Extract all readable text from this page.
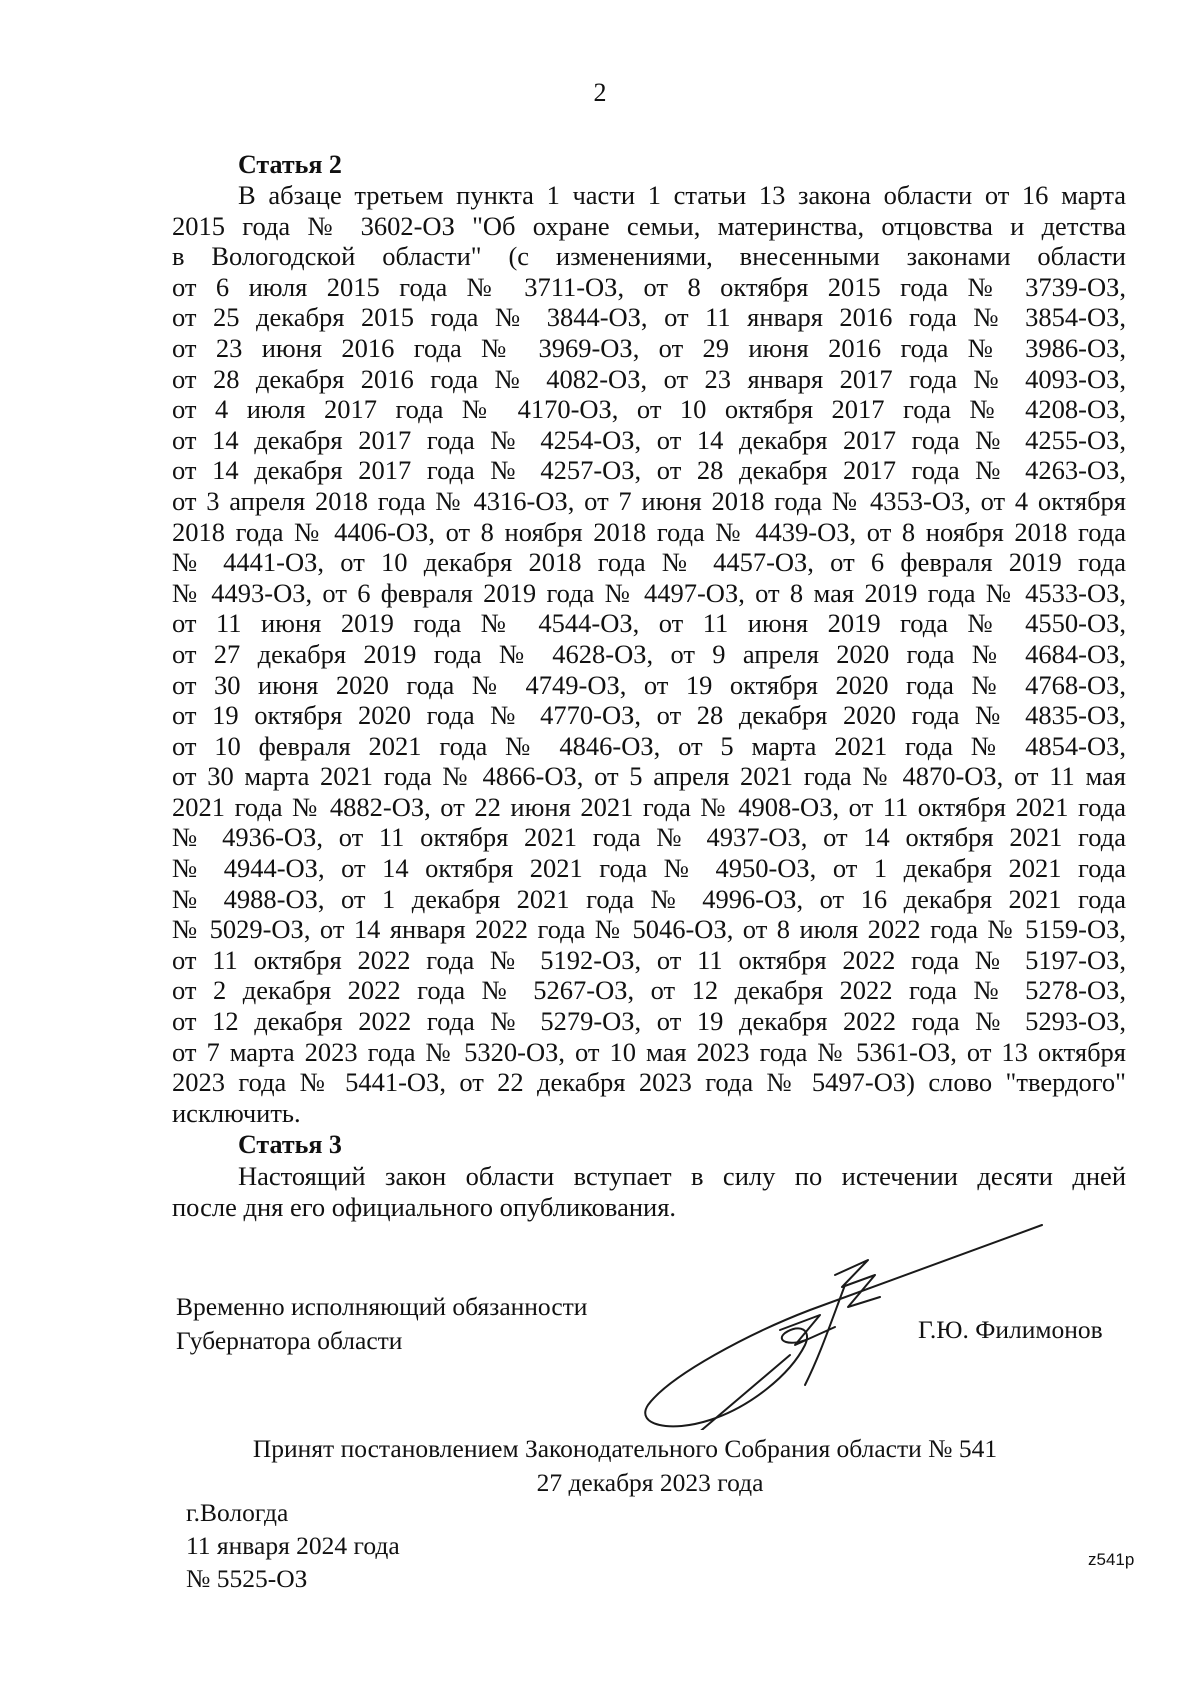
2
Статья 2
В абзаце третьем пункта 1 части 1 статьи 13 закона области от 16 марта
2015 года № 3602-ОЗ "Об охране семьи, материнства, отцовства и детства
в Вологодской области" (с изменениями, внесенными законами области
от 6 июля 2015 года № 3711-ОЗ, от 8 октября 2015 года № 3739-ОЗ,
от 25 декабря 2015 года № 3844-ОЗ, от 11 января 2016 года № 3854-ОЗ,
от 23 июня 2016 года № 3969-ОЗ, от 29 июня 2016 года № 3986-ОЗ,
от 28 декабря 2016 года № 4082-ОЗ, от 23 января 2017 года № 4093-ОЗ,
от 4 июля 2017 года № 4170-ОЗ, от 10 октября 2017 года № 4208-ОЗ,
от 14 декабря 2017 года № 4254-ОЗ, от 14 декабря 2017 года № 4255-ОЗ,
от 14 декабря 2017 года № 4257-ОЗ, от 28 декабря 2017 года № 4263-ОЗ,
от 3 апреля 2018 года № 4316-ОЗ, от 7 июня 2018 года № 4353-ОЗ, от 4 октября
2018 года № 4406-ОЗ, от 8 ноября 2018 года № 4439-ОЗ, от 8 ноября 2018 года
№ 4441-ОЗ, от 10 декабря 2018 года № 4457-ОЗ, от 6 февраля 2019 года
№ 4493-ОЗ, от 6 февраля 2019 года № 4497-ОЗ, от 8 мая 2019 года № 4533-ОЗ,
от 11 июня 2019 года № 4544-ОЗ, от 11 июня 2019 года № 4550-ОЗ,
от 27 декабря 2019 года № 4628-ОЗ, от 9 апреля 2020 года № 4684-ОЗ,
от 30 июня 2020 года № 4749-ОЗ, от 19 октября 2020 года № 4768-ОЗ,
от 19 октября 2020 года № 4770-ОЗ, от 28 декабря 2020 года № 4835-ОЗ,
от 10 февраля 2021 года № 4846-ОЗ, от 5 марта 2021 года № 4854-ОЗ,
от 30 марта 2021 года № 4866-ОЗ, от 5 апреля 2021 года № 4870-ОЗ, от 11 мая
2021 года № 4882-ОЗ, от 22 июня 2021 года № 4908-ОЗ, от 11 октября 2021 года
№ 4936-ОЗ, от 11 октября 2021 года № 4937-ОЗ, от 14 октября 2021 года
№ 4944-ОЗ, от 14 октября 2021 года № 4950-ОЗ, от 1 декабря 2021 года
№ 4988-ОЗ, от 1 декабря 2021 года № 4996-ОЗ, от 16 декабря 2021 года
№ 5029-ОЗ, от 14 января 2022 года № 5046-ОЗ, от 8 июля 2022 года № 5159-ОЗ,
от 11 октября 2022 года № 5192-ОЗ, от 11 октября 2022 года № 5197-ОЗ,
от 2 декабря 2022 года № 5267-ОЗ, от 12 декабря 2022 года № 5278-ОЗ,
от 12 декабря 2022 года № 5279-ОЗ, от 19 декабря 2022 года № 5293-ОЗ,
от 7 марта 2023 года № 5320-ОЗ, от 10 мая 2023 года № 5361-ОЗ, от 13 октября
2023 года № 5441-ОЗ, от 22 декабря 2023 года № 5497-ОЗ) слово "твердого"
исключить.
Статья 3
Настоящий закон области вступает в силу по истечении десяти дней
после дня его официального опубликования.
Временно исполняющий обязанности
Губернатора области	Г.Ю. Филимонов
Принят постановлением Законодательного Собрания области № 541
27 декабря 2023 года
г.Вологда
11 января 2024 года
№ 5525-ОЗ
z541p
